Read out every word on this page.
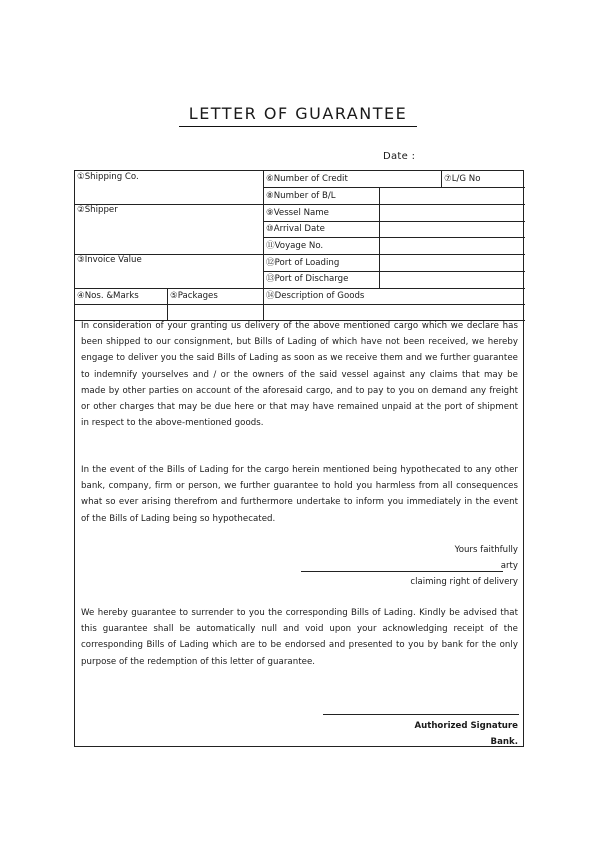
LETTER OF GUARANTEE
Date :
①Shipping Co.	⑥Number of Credit	⑦L/G No
⑧Number of B/L
②Shipper	⑨Vessel Name
⑩Arrival Date
⑪Voyage No.
③Invoice Value	⑫Port of Loading
⑬Port of Discharge
④Nos. &Marks	⑤Packages	⑭Description of Goods
In consideration of your granting us delivery of the above mentioned cargo which we declare has been shipped to our consignment, but Bills of Lading of which have not been received, we hereby engage to deliver you the said Bills of Lading as soon as we receive them and we further guarantee to indemnify yourselves and / or the owners of the said vessel against any claims that may be made by other parties on account of the aforesaid cargo, and to pay to you on demand any freight or other charges that may be due here or that may have remained unpaid at the port of shipment in respect to the above-mentioned goods.
In the event of the Bills of Lading for the cargo herein mentioned being hypothecated to any other bank, company, firm or person, we further guarantee to hold you harmless from all consequences what so ever arising therefrom and furthermore undertake to inform you immediately in the event of the Bills of Lading being so hypothecated.
Yours faithfully
arty
claiming right of delivery
We hereby guarantee to surrender to you the corresponding Bills of Lading. Kindly be advised that this guarantee shall be automatically null and void upon your acknowledging receipt of the corresponding Bills of Lading which are to be endorsed and presented to you by bank for the only purpose of the redemption of this letter of guarantee.
Authorized Signature
Bank.
